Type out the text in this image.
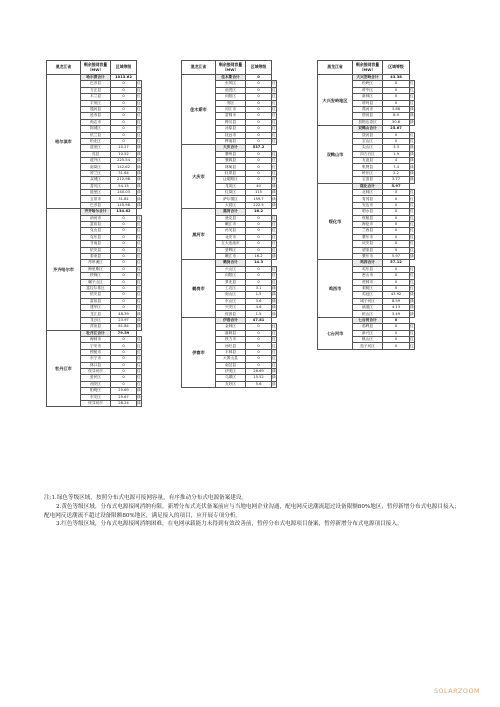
黑龙江省	剩余接网容量（MW）	区域等级	
哈尔滨市	哈尔滨合计	1013.62	
	巴彦县	0	红
	方正县	0	红
	木兰县	0	红
	平房区	0	红
	通河县	0	红
	延寿县	0	红
	尚志市	0	红
	阿城区	0	红
	依兰县	0	红
	松北区	0	红
	道里区	10.27	绿
	宾县	10.52	绿
	道外区	225.54	绿
	南岗区	142.62	绿
	呼兰区	31.64	绿
	双城区	212.98	绿
	香坊区	54.15	绿
	道里区	140.03	绿
	五常市	31.81	绿
	巴彦县	145.98	绿
齐齐哈尔市	齐齐哈尔合计	134.62	
	讷河市	0	红
	富裕县	0	红
	克山县	0	红
	克东县	0	红
	甘南县	0	红
	依安县	0	红
	泰来县	0	红
	昂昂溪区	0	红
	梅里斯区	0	红
	铁锋区	0	红
	碾子山区	0	红
	富拉尔基区	0	红
	依安县	0	红
	富裕县	0	红
	建华区	0	红
	龙江县	48.39	绿
	龙沙区	23.97	绿
	拜泉县	61.84	绿
牡丹江市	牡丹江合计	79.59	
	海林市	0	红
	宁安市	0	红
	穆棱市	0	红
	东宁市	0	红
	林口县	0	红
	绥芬河市	0	红
	爱民区	0	红
	西安区	0	红
	阳明区	25.69	绿
	东安区	25.67	绿
	绥芬河市	28.24	绿
黑龙江省	剩余接网容量（MW）	区域等级	
佳木斯市	佳木斯合计	0	
	东风区	0	红
	前进区	0	红
	向阳区	0	红
	郊区	0	红
	同江市	0	红
	富锦市	0	红
	桦川县	0	红
	汤原县	0	红
	抚远市	0	红
	桦南县	0	红
大庆市	大庆合计	537.2	
	肇州县	0	红
	肇源县	0	红
	林甸县	0	红
	杜蒙县	0	红
	让胡路区	0	红
	龙凤区	40	绿
	红岗区	115	绿
	萨尔图区	159.7	绿
	大同区	222.5	绿
黑河市	黑河合计	16.2	
	逊克县	0	红
	嫩江市	0	红
	孙吴县	0	红
	北安市	0	红
	五大连池市	0	红
	爱辉区	0	红
	嫩江市	16.2	绿
鹤岗市	鹤岗合计	14.3	
	兴山区	0	红
	向阳区	0	红
	萝北县	0	红
	工农区	3.1	绿
	南山区	1.5	绿
	东山区	3.6	绿
	兴安区	4.6	绿
	绥滨县	1.5	绿
伊春市	伊春合计	47.81	
	金林区	0	红
	嘉荫县	0	红
	铁力市	0	红
	汤旺县	0	红
	丰林县	0	红
	大箐山县	0	红
	南岔县	0	红
	伊美区	26.69	绿
	乌翠区	15.52	绿
	友好区	5.6	绿
黑龙江省	剩余接网容量（MW）	区域等级	
大兴安岭地区	大兴安岭合计	43.38	
	松岭区	0	红
	呼中区	0	红
	新林区	0	红
	呼玛县	0	红
	漠河市	3.88	绿
	塔河县	8.9	绿
	加格达奇区	30.6	绿
双鸭山市	双鸭山合计	25.67	
	饶河县	0	红
	宝山区	0	红
	尖山区	3.3	绿
	四方台区	1.9	绿
	友谊县	4	绿
	集贤县	7.4	绿
	岭东区	2.2	绿
	宝清县	3.77	绿
绥化市	绥化合计	5.97	
	北林区	0	红
	青冈县	0	红
	安达市	0	红
	明水县	0	红
	绥棱县	0	红
	海伦市	0	红
	兰西县	0	红
	肇东市	0	红
	庆安县	0	红
	望奎县	0	红
	肇东市	5.97	绿
鸡西市	鸡西合计	57.12	
	鸡东县	0	红
	密山市	0	红
	虎林市	0	红
	梨树区	0	红
	鸡冠区	43.92	绿
	城子河区	8.59	绿
	滴道区	4.13	绿
	恒山区	3.49	绿
七台河市	七台河合计	0	
	勃利县	0	红
	新兴区	0	红
	桃山区	0	红
	茄子河区	0	红

注:1.绿色等级区域，按照分布式电源可接网容量，有序推动分布式电源备案建设。

2.黄色等级区域，分布式电源接网消纳有限，新增分布式光伏备案前应与当地电网企业沟通，配电网反送潮流超过设备限额80%地区，暂停新增分布式电源目接入；配电网反送潮流不超过设备限额80%地区，满足接入的项目，应开展专项分析。

3.红色等级区域，分布式电源接网消纳困难，在电网承载能力未得到有效改善前，暂停分布式电源项目备案，暂停新增分布式电源项目接入。

SOLARZOOM
